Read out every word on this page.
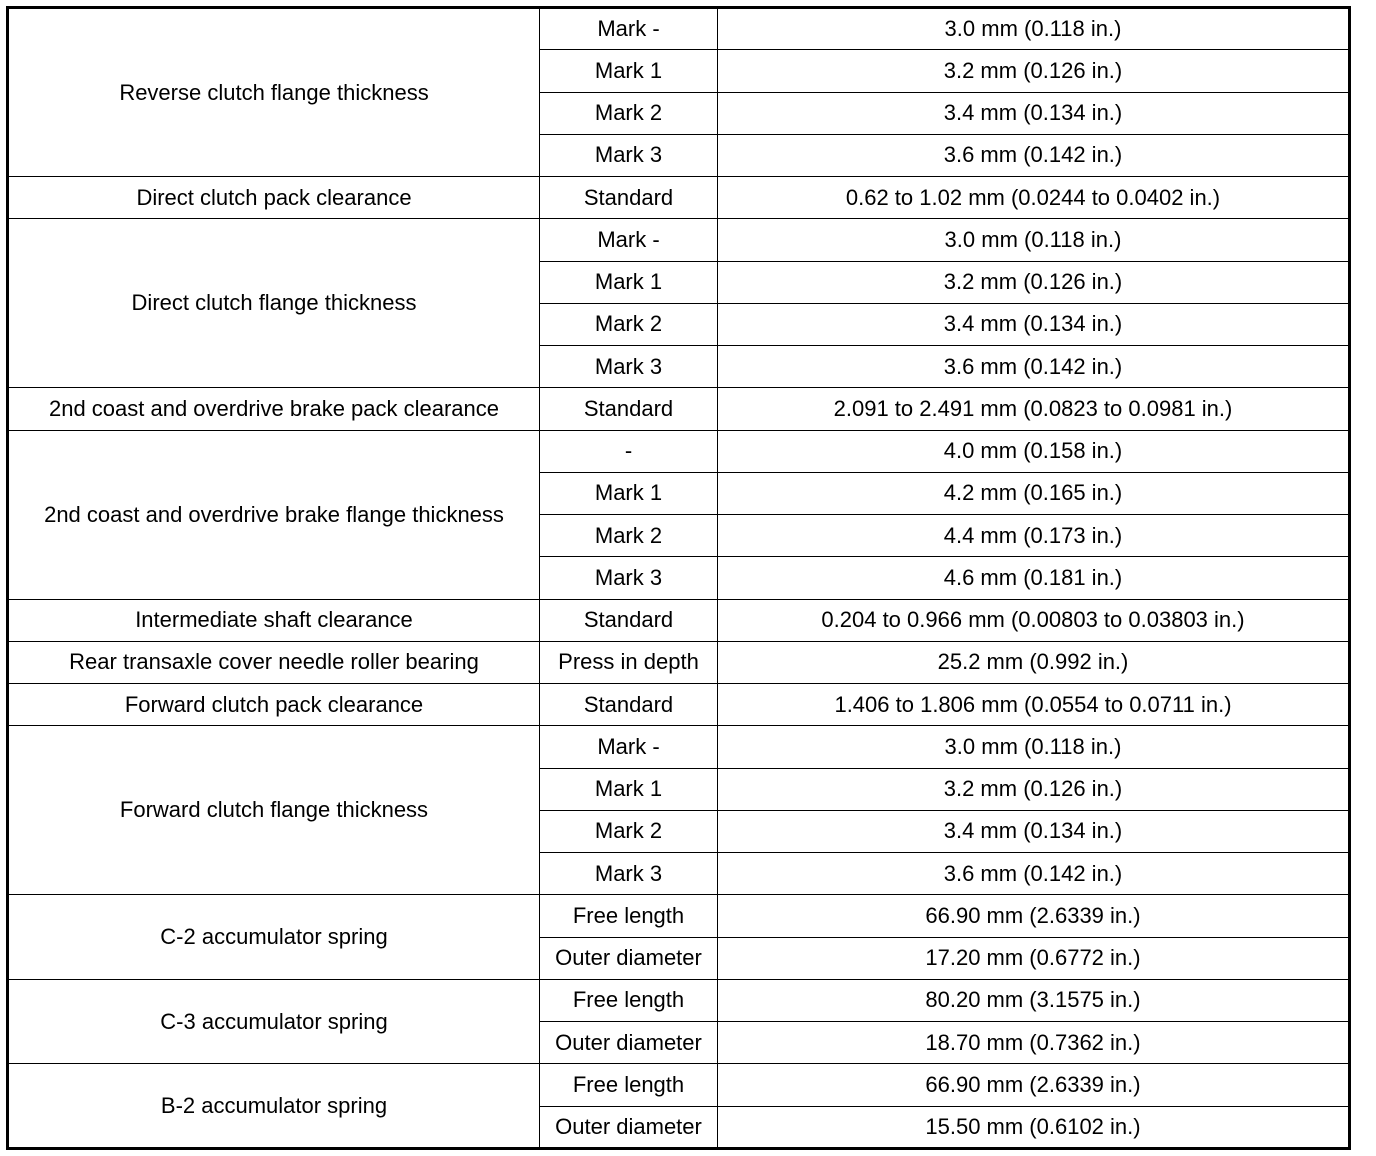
Reverse clutch flange thickness	Mark -	3.0 mm (0.118 in.)
	Mark 1	3.2 mm (0.126 in.)
	Mark 2	3.4 mm (0.134 in.)
	Mark 3	3.6 mm (0.142 in.)
Direct clutch pack clearance	Standard	0.62 to 1.02 mm (0.0244 to 0.0402 in.)
Direct clutch flange thickness	Mark -	3.0 mm (0.118 in.)
	Mark 1	3.2 mm (0.126 in.)
	Mark 2	3.4 mm (0.134 in.)
	Mark 3	3.6 mm (0.142 in.)
2nd coast and overdrive brake pack clearance	Standard	2.091 to 2.491 mm (0.0823 to 0.0981 in.)
2nd coast and overdrive brake flange thickness	-	4.0 mm (0.158 in.)
	Mark 1	4.2 mm (0.165 in.)
	Mark 2	4.4 mm (0.173 in.)
	Mark 3	4.6 mm (0.181 in.)
Intermediate shaft clearance	Standard	0.204 to 0.966 mm (0.00803 to 0.03803 in.)
Rear transaxle cover needle roller bearing	Press in depth	25.2 mm (0.992 in.)
Forward clutch pack clearance	Standard	1.406 to 1.806 mm (0.0554 to 0.0711 in.)
Forward clutch flange thickness	Mark -	3.0 mm (0.118 in.)
	Mark 1	3.2 mm (0.126 in.)
	Mark 2	3.4 mm (0.134 in.)
	Mark 3	3.6 mm (0.142 in.)
C-2 accumulator spring	Free length	66.90 mm (2.6339 in.)
	Outer diameter	17.20 mm (0.6772 in.)
C-3 accumulator spring	Free length	80.20 mm (3.1575 in.)
	Outer diameter	18.70 mm (0.7362 in.)
B-2 accumulator spring	Free length	66.90 mm (2.6339 in.)
	Outer diameter	15.50 mm (0.6102 in.)
